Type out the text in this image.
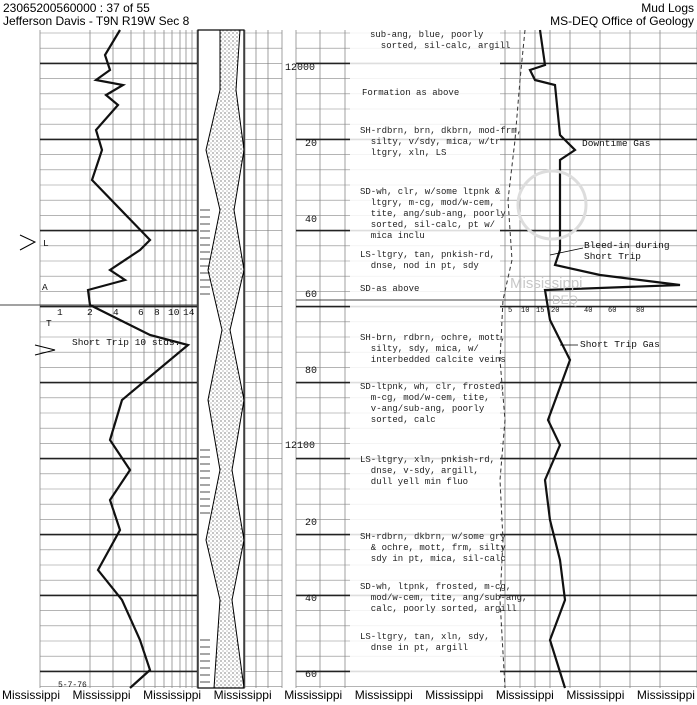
23065200560000 : 37 of 55
Jefferson Davis - T9N R19W Sec 8
Mud Logs
MS-DEQ Office of Geology
12000
20
40
60
80
12100
20
40
60
sub-ang, blue, poorly
sorted, sil-calc, argill
Formation as above
SH-rdbrn, brn, dkbrn, mod-frm,
silty, v/sdy, mica, w/tr
ltgry, xln, LS
SD-wh, clr, w/some ltpnk &
ltgry, m-cg, mod/w-cem,
tite, ang/sub-ang, poorly
sorted, sil-calc, pt w/
mica inclu
LS-ltgry, tan, pnkish-rd,
dnse, nod in pt, sdy
SD-as above
SH-brn, rdbrn, ochre, mott,
silty, sdy, mica, w/
interbedded calcite veins
SD-ltpnk, wh, clr, frosted,
m-cg, mod/w-cem, tite,
v-ang/sub-ang, poorly
sorted, calc
LS-ltgry, xln, pnkish-rd,
dnse, v-sdy, argill,
dull yell min fluo
SH-rdbrn, dkbrn, w/some gry
& ochre, mott, frm, silty
sdy in pt, mica, sil-calc
SD-wh, ltpnk, frosted, m-cg,
mod/w-cem, tite, ang/sub-ang,
calc, poorly sorted, argill
LS-ltgry, tan, xln, sdy,
dnse in pt, argill
Downtime Gas
Bleed-in during
Short Trip
Short Trip Gas
Short Trip 10 stds.
L
A
T
1	2 4 6 8 10 14	5 10 15 20	40 60	80
5-7-76
Mississippi
DEQ
Mississippi Mississippi Mississippi Mississippi Mississippi Mississippi Mississippi Mississippi Mississippi Mississippi
